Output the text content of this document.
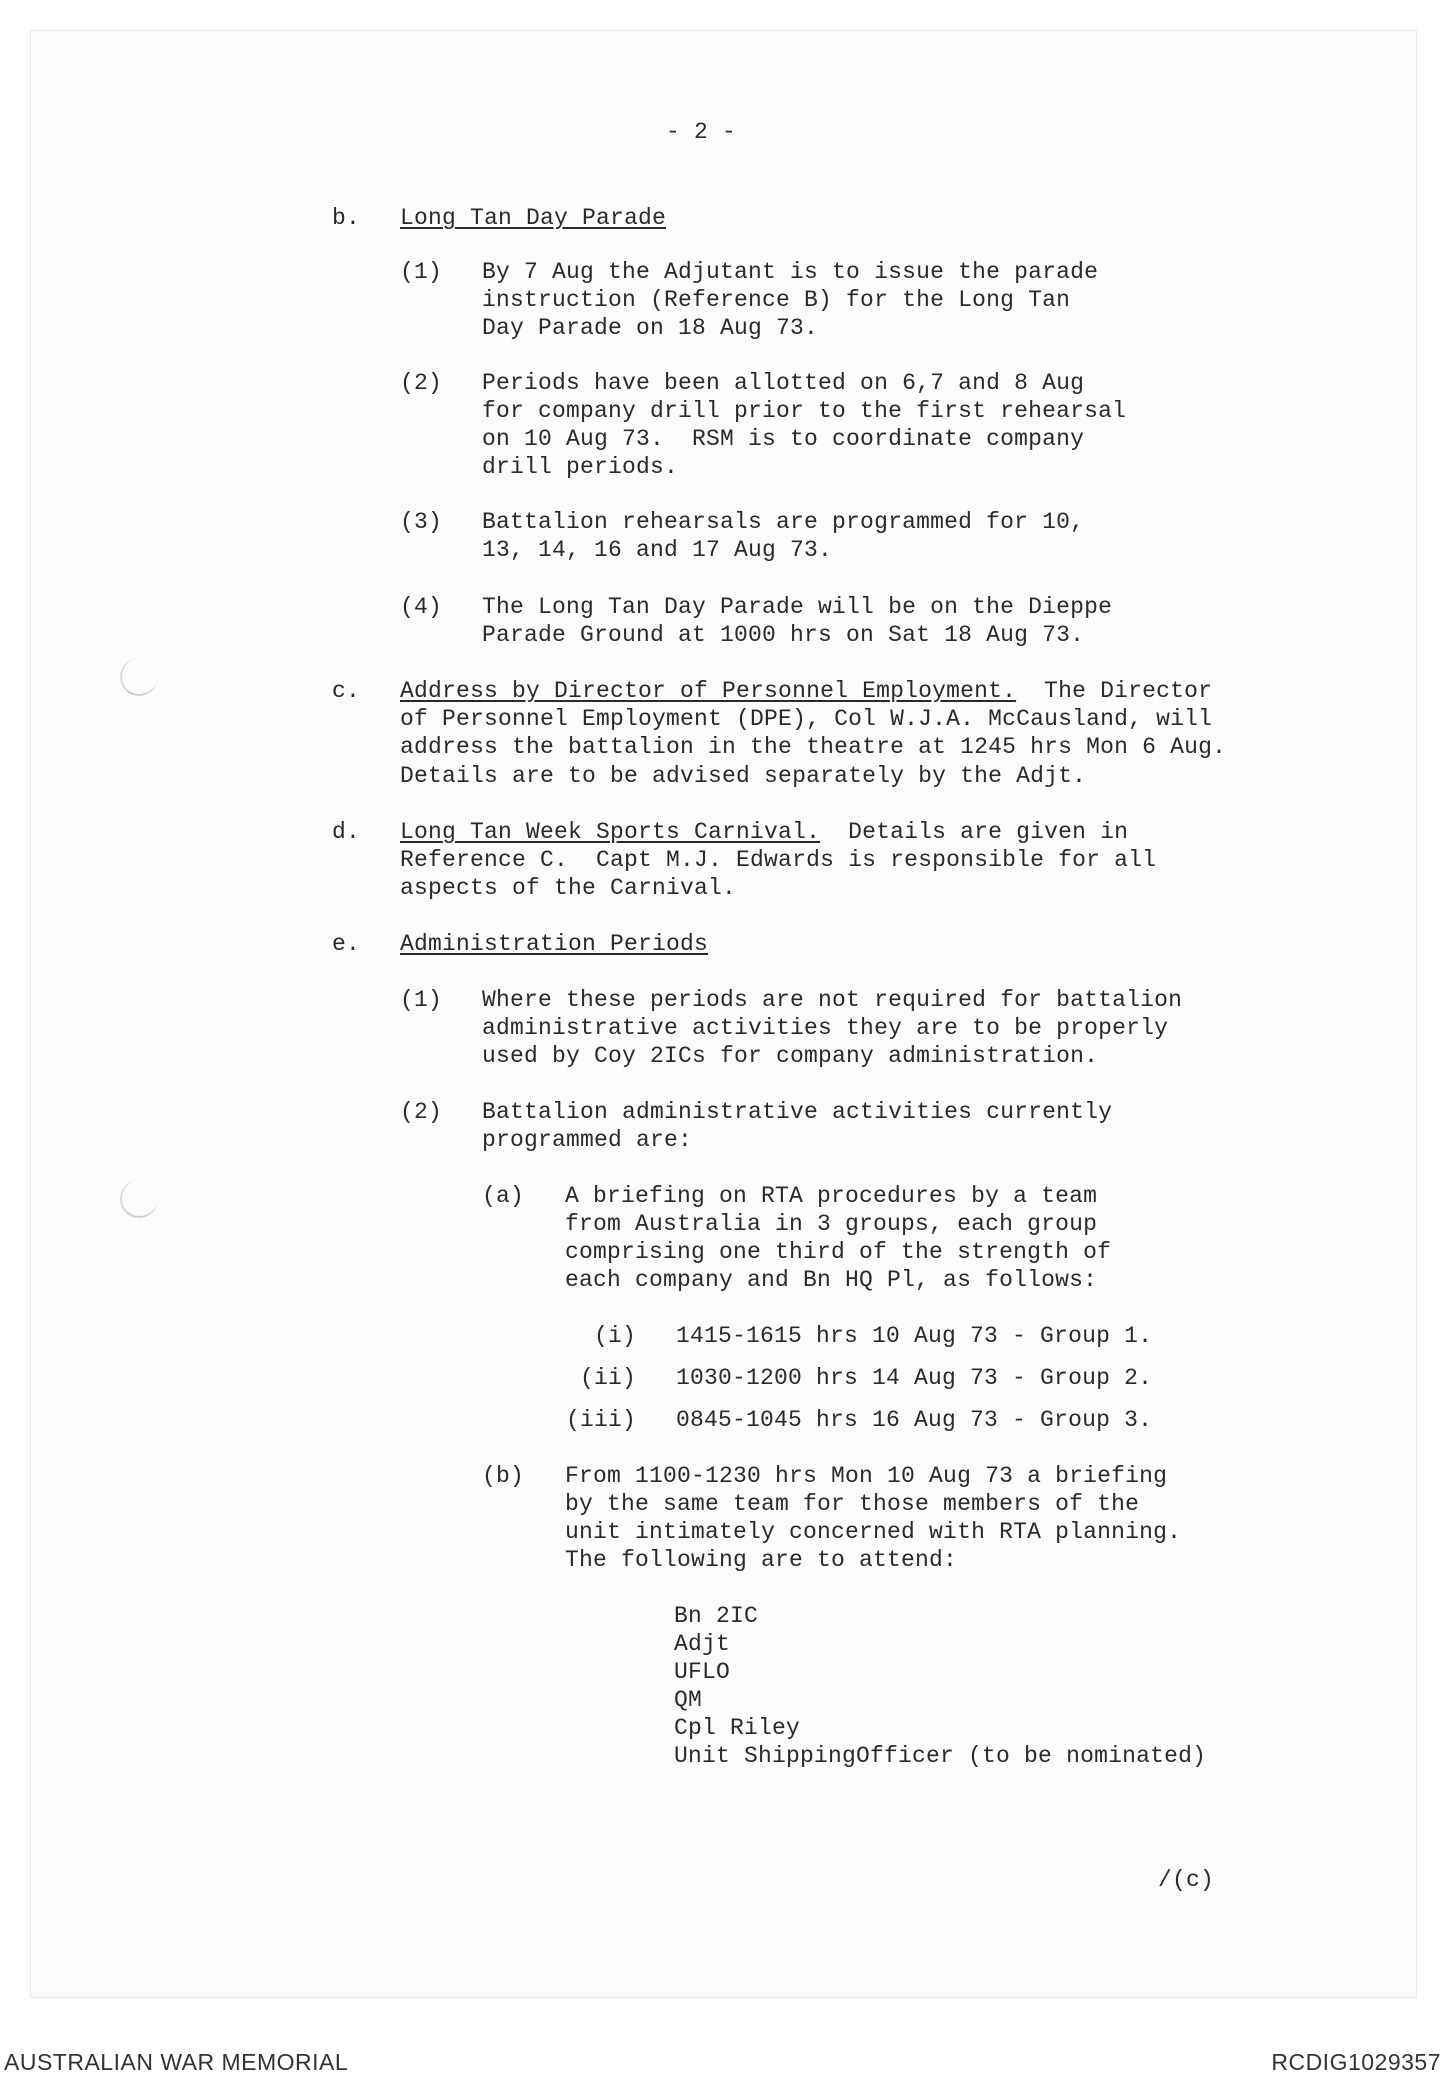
- 2 -
b. Long Tan Day Parade
(1) By 7 Aug the Adjutant is to issue the parade
instruction (Reference B) for the Long Tan
Day Parade on 18 Aug 73.
(2) Periods have been allotted on 6,7 and 8 Aug
for company drill prior to the first rehearsal
on 10 Aug 73.  RSM is to coordinate company
drill periods.
(3) Battalion rehearsals are programmed for 10,
13, 14, 16 and 17 Aug 73.
(4) The Long Tan Day Parade will be on the Dieppe
Parade Ground at 1000 hrs on Sat 18 Aug 73.
c. Address by Director of Personnel Employment.  The Director
of Personnel Employment (DPE), Col W.J.A. McCausland, will
address the battalion in the theatre at 1245 hrs Mon 6 Aug.
Details are to be advised separately by the Adjt.
d. Long Tan Week Sports Carnival.  Details are given in
Reference C.  Capt M.J. Edwards is responsible for all
aspects of the Carnival.
e. Administration Periods
(1) Where these periods are not required for battalion
administrative activities they are to be properly
used by Coy 2ICs for company administration.
(2) Battalion administrative activities currently
programmed are:
(a) A briefing on RTA procedures by a team
from Australia in 3 groups, each group
comprising one third of the strength of
each company and Bn HQ Pl, as follows:
(i) 1415-1615 hrs 10 Aug 73 - Group 1.
(ii) 1030-1200 hrs 14 Aug 73 - Group 2.
(iii) 0845-1045 hrs 16 Aug 73 - Group 3.
(b) From 1100-1230 hrs Mon 10 Aug 73 a briefing
by the same team for those members of the
unit intimately concerned with RTA planning.
The following are to attend:
Bn 2IC
Adjt
UFLO
QM
Cpl Riley
Unit ShippingOfficer (to be nominated)
/(c)
AUSTRALIAN WAR MEMORIAL	RCDIG1029357
